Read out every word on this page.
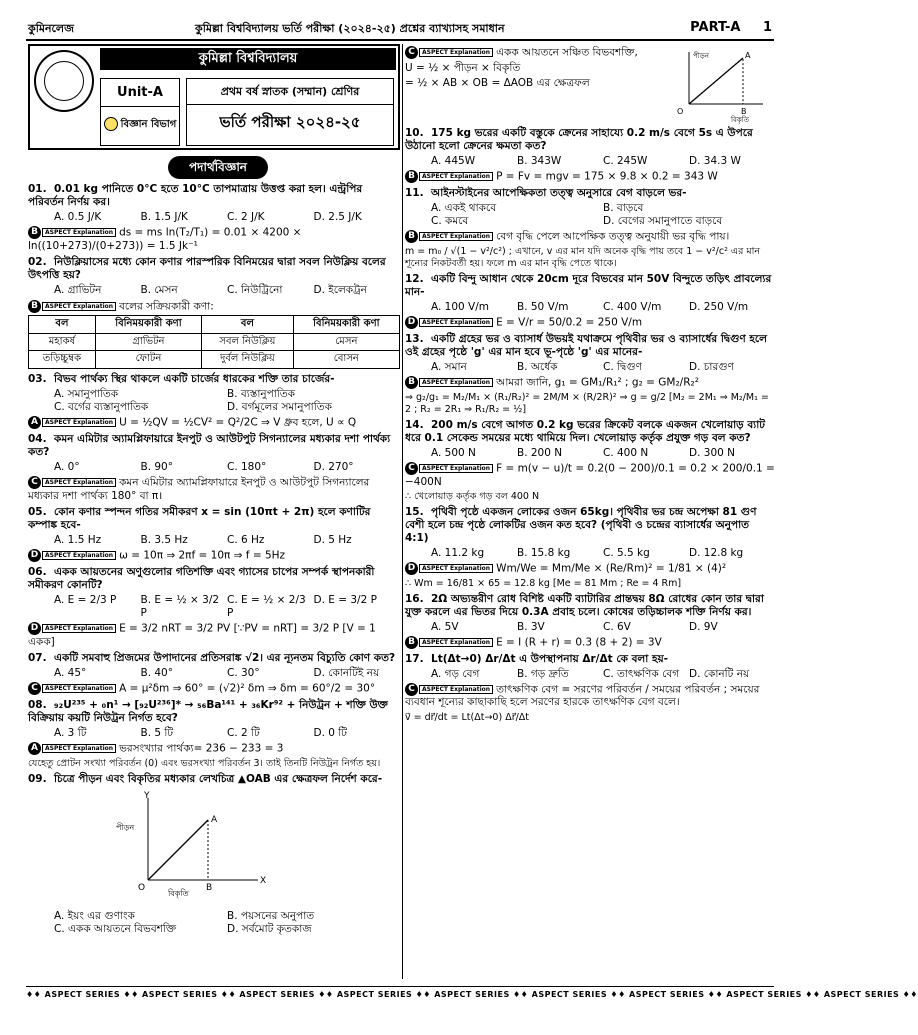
কুমিনলেজ	কুমিল্লা বিশ্ববিদ্যালয় ভর্তি পরীক্ষা (২০২৪-২৫) প্রশ্নের ব্যাখ্যাসহ সমাধান	PART-A 1
কুমিল্লা বিশ্ববিদ্যালয়
Unit-A
বিজ্ঞান বিভাগ
প্রথম বর্ষ স্নাতক (সম্মান) শ্রেণির
ভর্তি পরীক্ষা ২০২৪-২৫
পদার্থবিজ্ঞান
01. 0.01 kg পানিতে 0°C হতে 10°C তাপমাত্রায় উত্তপ্ত করা হল। এন্ট্রপির পরিবর্তন নির্ণয় কর।
A. 0.5 J/K	B. 1.5 J/K	C. 2 J/K	D. 2.5 J/K
B	ASPECT Explanation ds = ms ln(T₂/T₁) = 0.01 × 4200 × ln((10+273)/(0+273)) = 1.5 Jk⁻¹
02. নিউক্লিয়াসের মধ্যে কোন কণার পারস্পরিক বিনিময়ের দ্বারা সবল নিউক্লিয় বলের উৎপত্তি হয়?
A. গ্রাভিটন	B. মেসন	C. নিউট্রিনো	D. ইলেকট্রন
B	ASPECT Explanation বলের সক্রিয়কারী কণা:
বল	বিনিময়কারী কণা	বল	বিনিময়কারী কণা
মহাকর্ষ	গ্রাভিটন	সবল নিউক্লিয়	মেসন
তড়িচ্চুম্বক	ফোটন	দুর্বল নিউক্লিয়	বোসন
03. বিভব পার্থক্য স্থির থাকলে একটি চার্জের ধারকের শক্তি তার চার্জের-
A. সমানুপাতিক	B. ব্যস্তানুপাতিক
C. বর্গের ব্যস্তানুপাতিক	D. বর্গমূলের সমানুপাতিক
A	ASPECT Explanation U = ½QV = ½CV² = Q²/2C ⇒ V ধ্রুব হলে, U ∝ Q
04. কমন এমিটার অ্যামপ্লিফায়ারে ইনপুট ও আউটপুট সিগন্যালের মধ্যকার দশা পার্থক্য কত?
A. 0°	B. 90°	C. 180°	D. 270°
C	ASPECT Explanation কমন এমিটার অ্যামপ্লিফায়ারে ইনপুট ও আউটপুট সিগন্যালের মধ্যকার দশা পার্থক্য 180° বা π।
05. কোন কণার স্পন্দন গতির সমীকরণ x = sin (10πt + 2π) হলে কণাটির কম্পাঙ্ক হবে-
A. 1.5 Hz	B. 3.5 Hz	C. 6 Hz	D. 5 Hz
D	ASPECT Explanation ω = 10π ⇒ 2πf = 10π ⇒ f = 5Hz
06. একক আয়তনের অণুগুলোর গতিশক্তি এবং গ্যাসের চাপের সম্পর্ক স্থাপনকারী সমীকরণ কোনটি?
A. E = 2/3 P	B. E = ½ × 3/2 P
C. E = ½ × 2/3 P
D. E = 3/2 P
D	ASPECT Explanation E = 3/2 nRT = 3/2 PV [∵PV = nRT] = 3/2 P [V = 1 একক]
07. একটি সমবাহু প্রিজমের উপাদানের প্রতিসরাঙ্ক √2। এর ন্যূনতম বিচ্যুতি কোণ কত?
A. 45°	B. 40°	C. 30°	D. কোনটিই নয়
C	ASPECT Explanation A = μ²δm ⇒ 60° = (√2)² δm ⇒ δm = 60°/2 = 30°
08. ₉₂U²³⁵ + ₀n¹ → [₉₂U²³⁶]* → ₅₆Ba¹⁴¹ + ₃₆Kr⁹² + নিউট্রন + শক্তি উক্ত বিক্রিয়ায় কয়টি নিউট্রন নির্গত হবে?
A. 3 টি	B. 5 টি	C. 2 টি	D. 0 টি
A	ASPECT Explanation ভরসংখ্যার পার্থক্য= 236 − 233 = 3
যেহেতু প্রোটন সংখ্যা পরিবর্তন (0) এবং ভরসংখ্যা পরিবর্তন 3। তাই তিনটি নিউট্রন নির্গত হয়।
09. চিত্রে পীড়ন এবং বিকৃতির মধ্যকার লেখচিত্র ▲OAB এর ক্ষেত্রফল নির্দেশ করে-
Y
X
পীড়ন
বিকৃতি
O	B
A
A. ইয়ং এর গুণাংক	B. পয়সনের অনুপাত
C. একক আয়তনে বিভবশক্তি	D. সর্বমোট কৃতকাজ
O	B
A
পীড়ন
বিকৃতি
C	ASPECT Explanation একক আয়তনে সঞ্চিত বিভবশক্তি,
U = ½ × পীড়ন × বিকৃতি
= ½ × AB × OB = ΔAOB এর ক্ষেত্রফল
10. 175 kg ভরের একটি বস্তুকে ক্রেনের সাহায্যে 0.2 m/s বেগে 5s এ উপরে উঠানো হলো ক্রেনের ক্ষমতা কত?
A. 445W	B. 343W	C. 245W	D. 34.3 W
B	ASPECT Explanation P = Fv = mgv = 175 × 9.8 × 0.2 = 343 W
11. আইনস্টাইনের আপেক্ষিকতা তত্ত্ব অনুসারে বেগ বাড়লে ভর-
A. একই থাকবে	B. বাড়বে
C. কমবে	D. বেগের সমানুপাতে বাড়বে
B	ASPECT Explanation বেগ বৃদ্ধি পেলে আপেক্ষিক তত্ত্ব অনুযায়ী ভর বৃদ্ধি পায়।
m = m₀ / √(1 − v²/c²) ; এখানে, v এর মান যদি অনেক বৃদ্ধি পায় তবে 1 − v²/c² এর মান শূন্যের নিকটবর্তী হয়। ফলে m এর মান বৃদ্ধি পেতে থাকে।
12. একটি বিন্দু আধান থেকে 20cm দূরে বিভবের মান 50V বিন্দুতে তড়িৎ প্রাবল্যের মান-
A. 100 V/m	B. 50 V/m	C. 400 V/m	D. 250 V/m
D	ASPECT Explanation E = V/r = 50/0.2 = 250 V/m
13. একটি গ্রহের ভর ও ব্যাসার্ধ উভয়ই যথাক্রমে পৃথিবীর ভর ও ব্যাসার্ধের দ্বিগুণ হলে ওই গ্রহের পৃষ্ঠে 'g' এর মান হবে ভূ-পৃষ্ঠে 'g' এর মানের-
A. সমান	B. অর্ধেক	C. দ্বিগুণ	D. চারগুণ
B	ASPECT Explanation আমরা জানি, g₁ = GM₁/R₁² ; g₂ = GM₂/R₂²
⇒ g₂/g₁ = M₂/M₁ × (R₁/R₂)² = 2M/M × (R/2R)² ⇒ g = g/2 [M₂ = 2M₁ ⇒ M₂/M₁ = 2 ; R₂ = 2R₁ ⇒ R₁/R₂ = ½]
14. 200 m/s বেগে আগত 0.2 kg ভরের ক্রিকেট বলকে একজন খেলোয়াড় ব্যাট ধরে 0.1 সেকেন্ড সময়ের মধ্যে থামিয়ে দিল। খেলোয়াড় কর্তৃক প্রযুক্ত গড় বল কত?
A. 500 N	B. 200 N	C. 400 N	D. 300 N
C	ASPECT Explanation F = m(v − u)/t = 0.2(0 − 200)/0.1 = 0.2 × 200/0.1 = −400N
∴ খেলোয়াড় কর্তৃক গড় বল 400 N
15. পৃথিবী পৃষ্ঠে একজন লোকের ওজন 65kg। পৃথিবীর ভর চন্দ্র অপেক্ষা 81 গুণ বেশী হলে চন্দ্র পৃষ্ঠে লোকটির ওজন কত হবে? (পৃথিবী ও চন্দ্রের ব্যাসার্ধের অনুপাত 4:1)
A. 11.2 kg	B. 15.8 kg	C. 5.5 kg	D. 12.8 kg
D	ASPECT Explanation Wm/We = Mm/Me × (Re/Rm)² = 1/81 × (4)²
∴ Wm = 16/81 × 65 = 12.8 kg [Me = 81 Mm ; Re = 4 Rm]
16. 2Ω অভ্যন্তরীণ রোধ বিশিষ্ট একটি ব্যাটারির প্রান্তদ্বয় 8Ω রোধের কোন তার দ্বারা যুক্ত করলে এর ভিতর দিয়ে 0.3A প্রবাহ চলে। কোষের তড়িচ্চালক শক্তি নির্ণয় কর।
A. 5V	B. 3V	C. 6V	D. 9V
B	ASPECT Explanation E = I (R + r) = 0.3 (8 + 2) = 3V
17. Lt(Δt→0) Δr/Δt এ উপস্থাপনায় Δr/Δt কে বলা হয়-
A. গড় বেগ	B. গড় দ্রুতি	C. তাৎক্ষণিক বেগ D. কোনটি নয়
C	ASPECT Explanation তাৎক্ষণিক বেগ = সরণের পরিবর্তন / সময়ের পরিবর্তন ; সময়ের ব্যবধান শূন্যের কাছাকাছি হলে সরণের হারকে তাৎক্ষণিক বেগ বলে।
v⃗ = dr⃗/dt = Lt(Δt→0) Δr⃗/Δt
♦♦ ASPECT SERIES ♦♦ ASPECT SERIES ♦♦ ASPECT SERIES ♦♦ ASPECT SERIES ♦♦ ASPECT SERIES ♦♦ ASPECT SERIES ♦♦ ASPECT SERIES ♦♦ ASPECT SERIES ♦♦ ASPECT SERIES ♦♦
